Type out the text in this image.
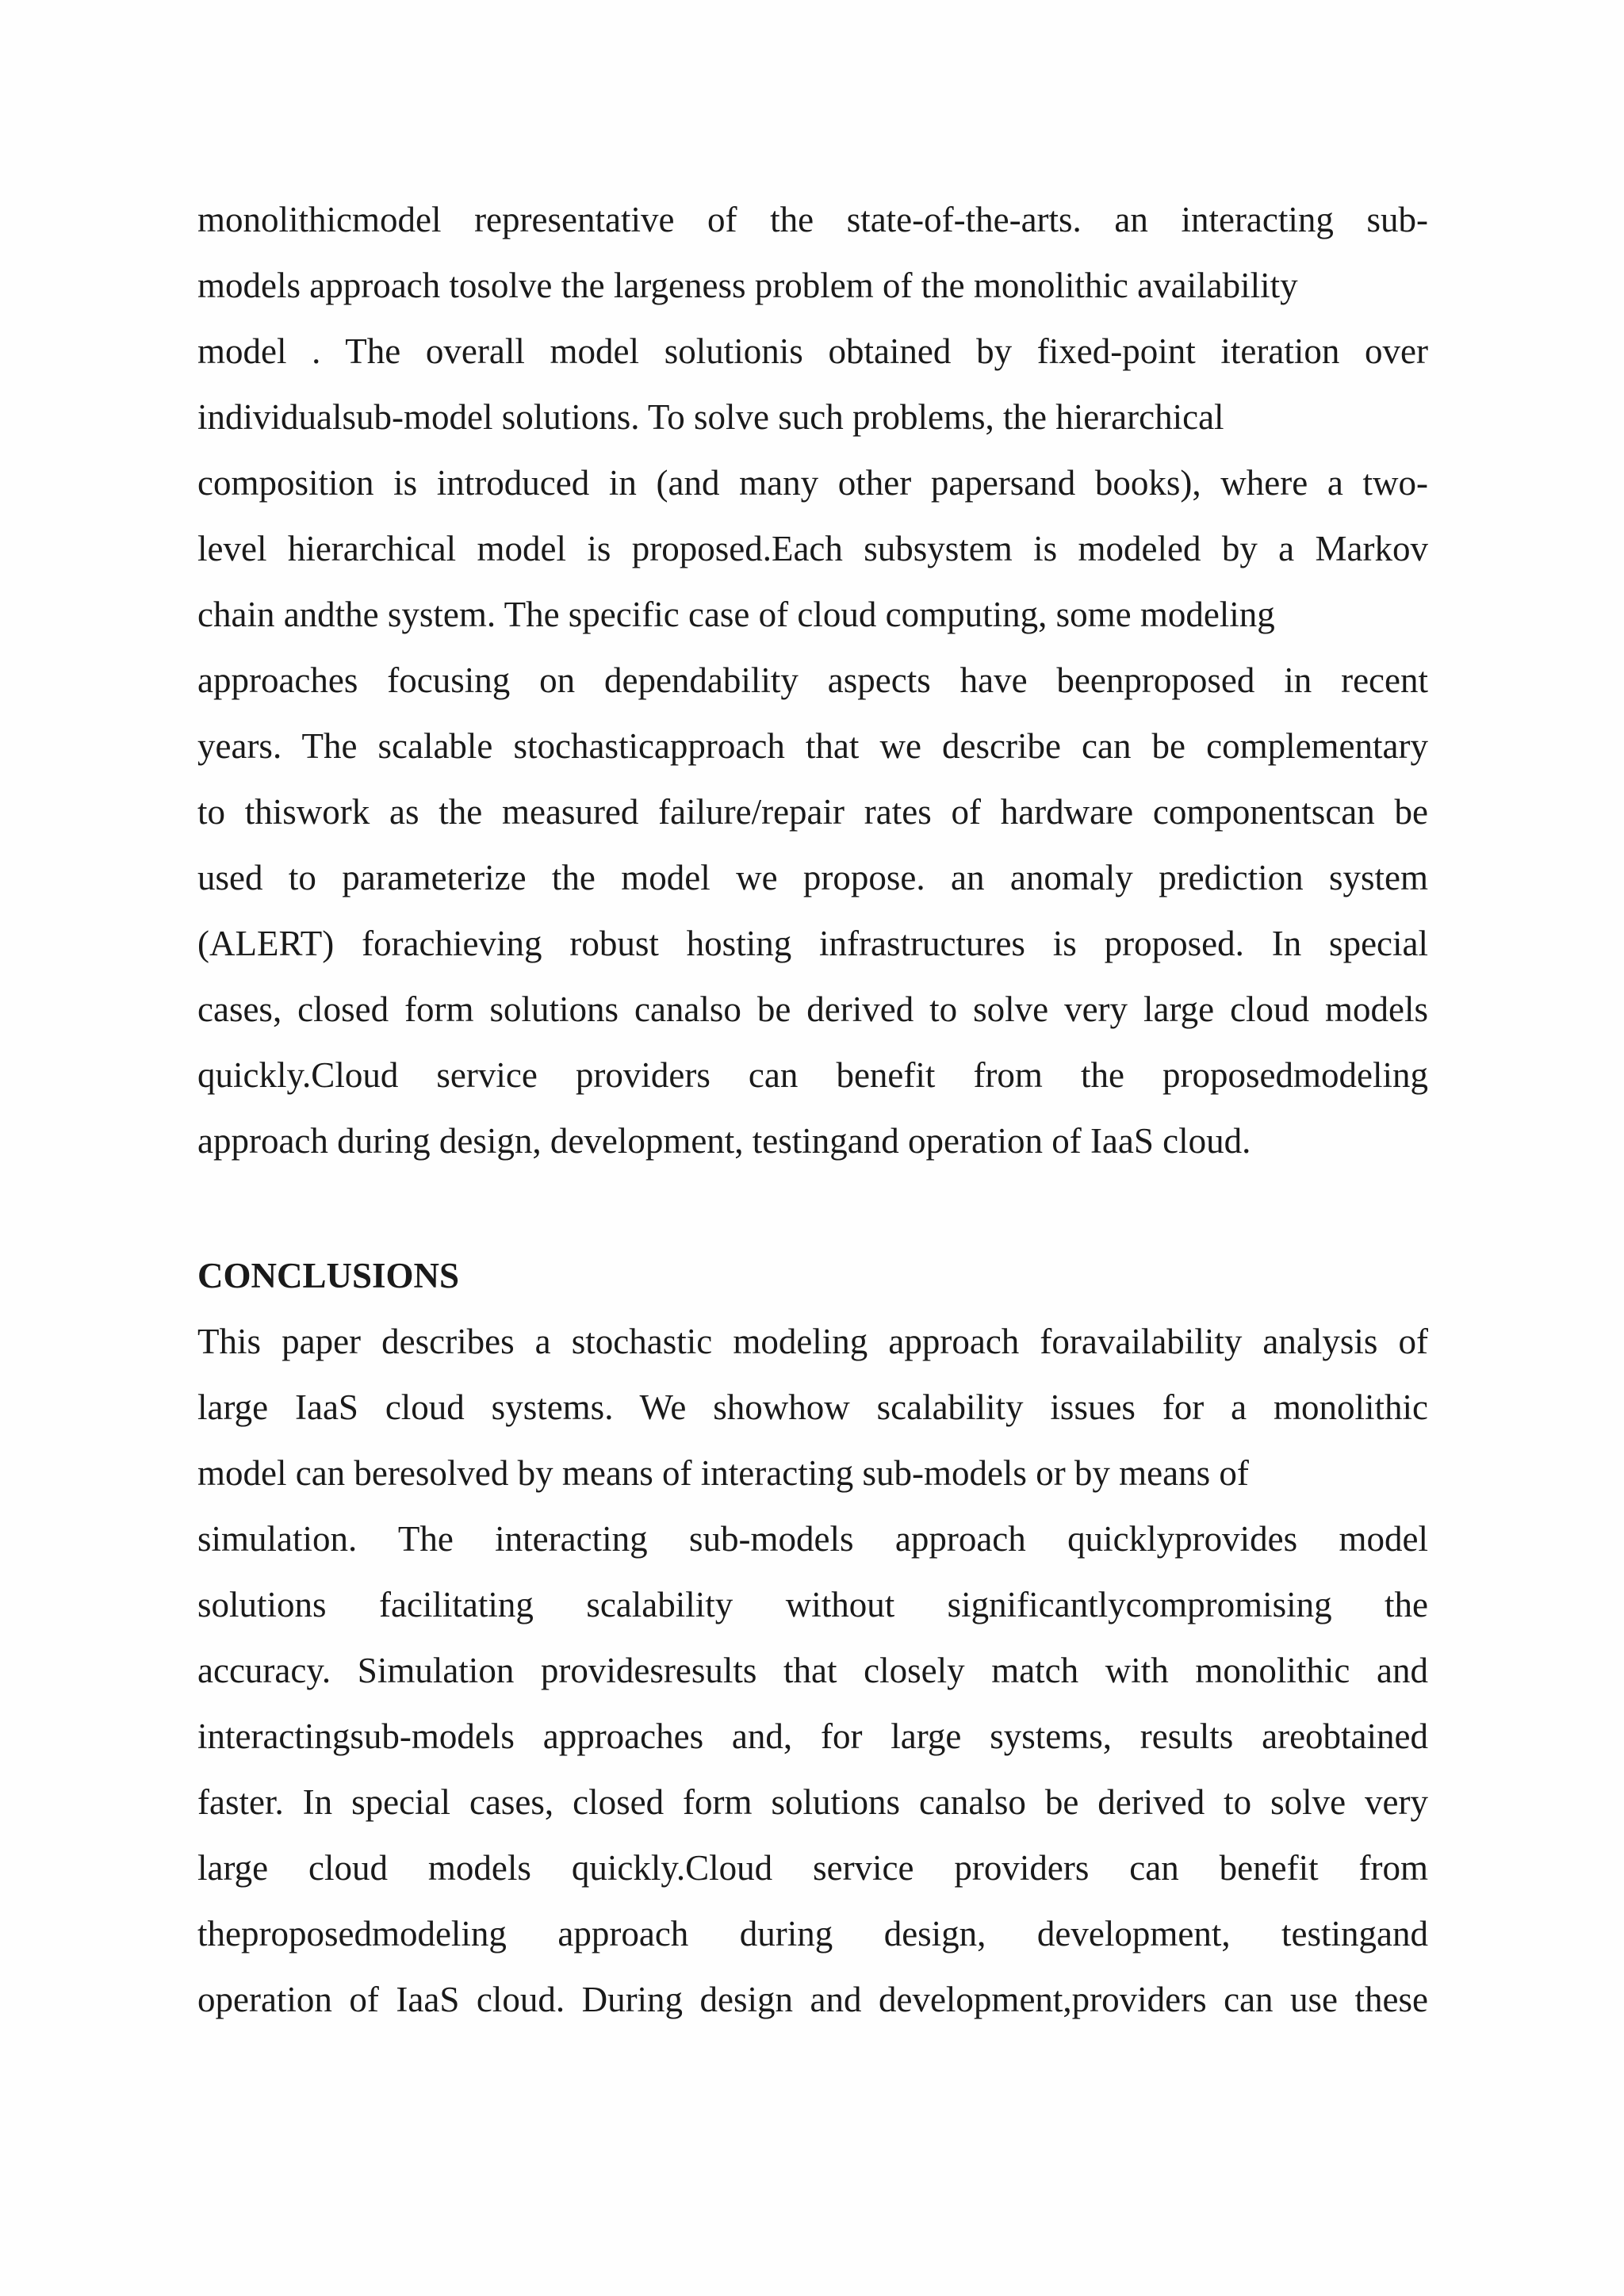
monolithicmodel representative of the state-of-the-arts. an interacting sub-
models approach tosolve the largeness problem of the monolithic availability
model . The overall model solutionis obtained by fixed-point iteration over
individualsub-model solutions. To solve such problems, the hierarchical
composition is introduced in (and many other papersand books), where a two-
level hierarchical model is proposed.Each subsystem is modeled by a Markov
chain andthe system. The specific case of cloud computing, some modeling
approaches focusing on dependability aspects have beenproposed in recent
years. The scalable stochasticapproach that we describe can be complementary
to thiswork as the measured failure/repair rates of hardware componentscan be
used to parameterize the model we propose. an anomaly prediction system
(ALERT) forachieving robust hosting infrastructures is proposed. In special
cases, closed form solutions canalso be derived to solve very large cloud models
quickly.Cloud service providers can benefit from the proposedmodeling
approach during design, development, testingand operation of IaaS cloud.
CONCLUSIONS
This paper describes a stochastic modeling approach foravailability analysis of
large IaaS cloud systems. We showhow scalability issues for a monolithic
model can beresolved by means of interacting sub-models or by means of
simulation. The interacting sub-models approach quicklyprovides model
solutions facilitating scalability without significantlycompromising the
accuracy. Simulation providesresults that closely match with monolithic and
interactingsub-models approaches and, for large systems, results areobtained
faster. In special cases, closed form solutions canalso be derived to solve very
large cloud models quickly.Cloud service providers can benefit from
theproposedmodeling approach during design, development, testingand
operation of IaaS cloud. During design and development,providers can use these
